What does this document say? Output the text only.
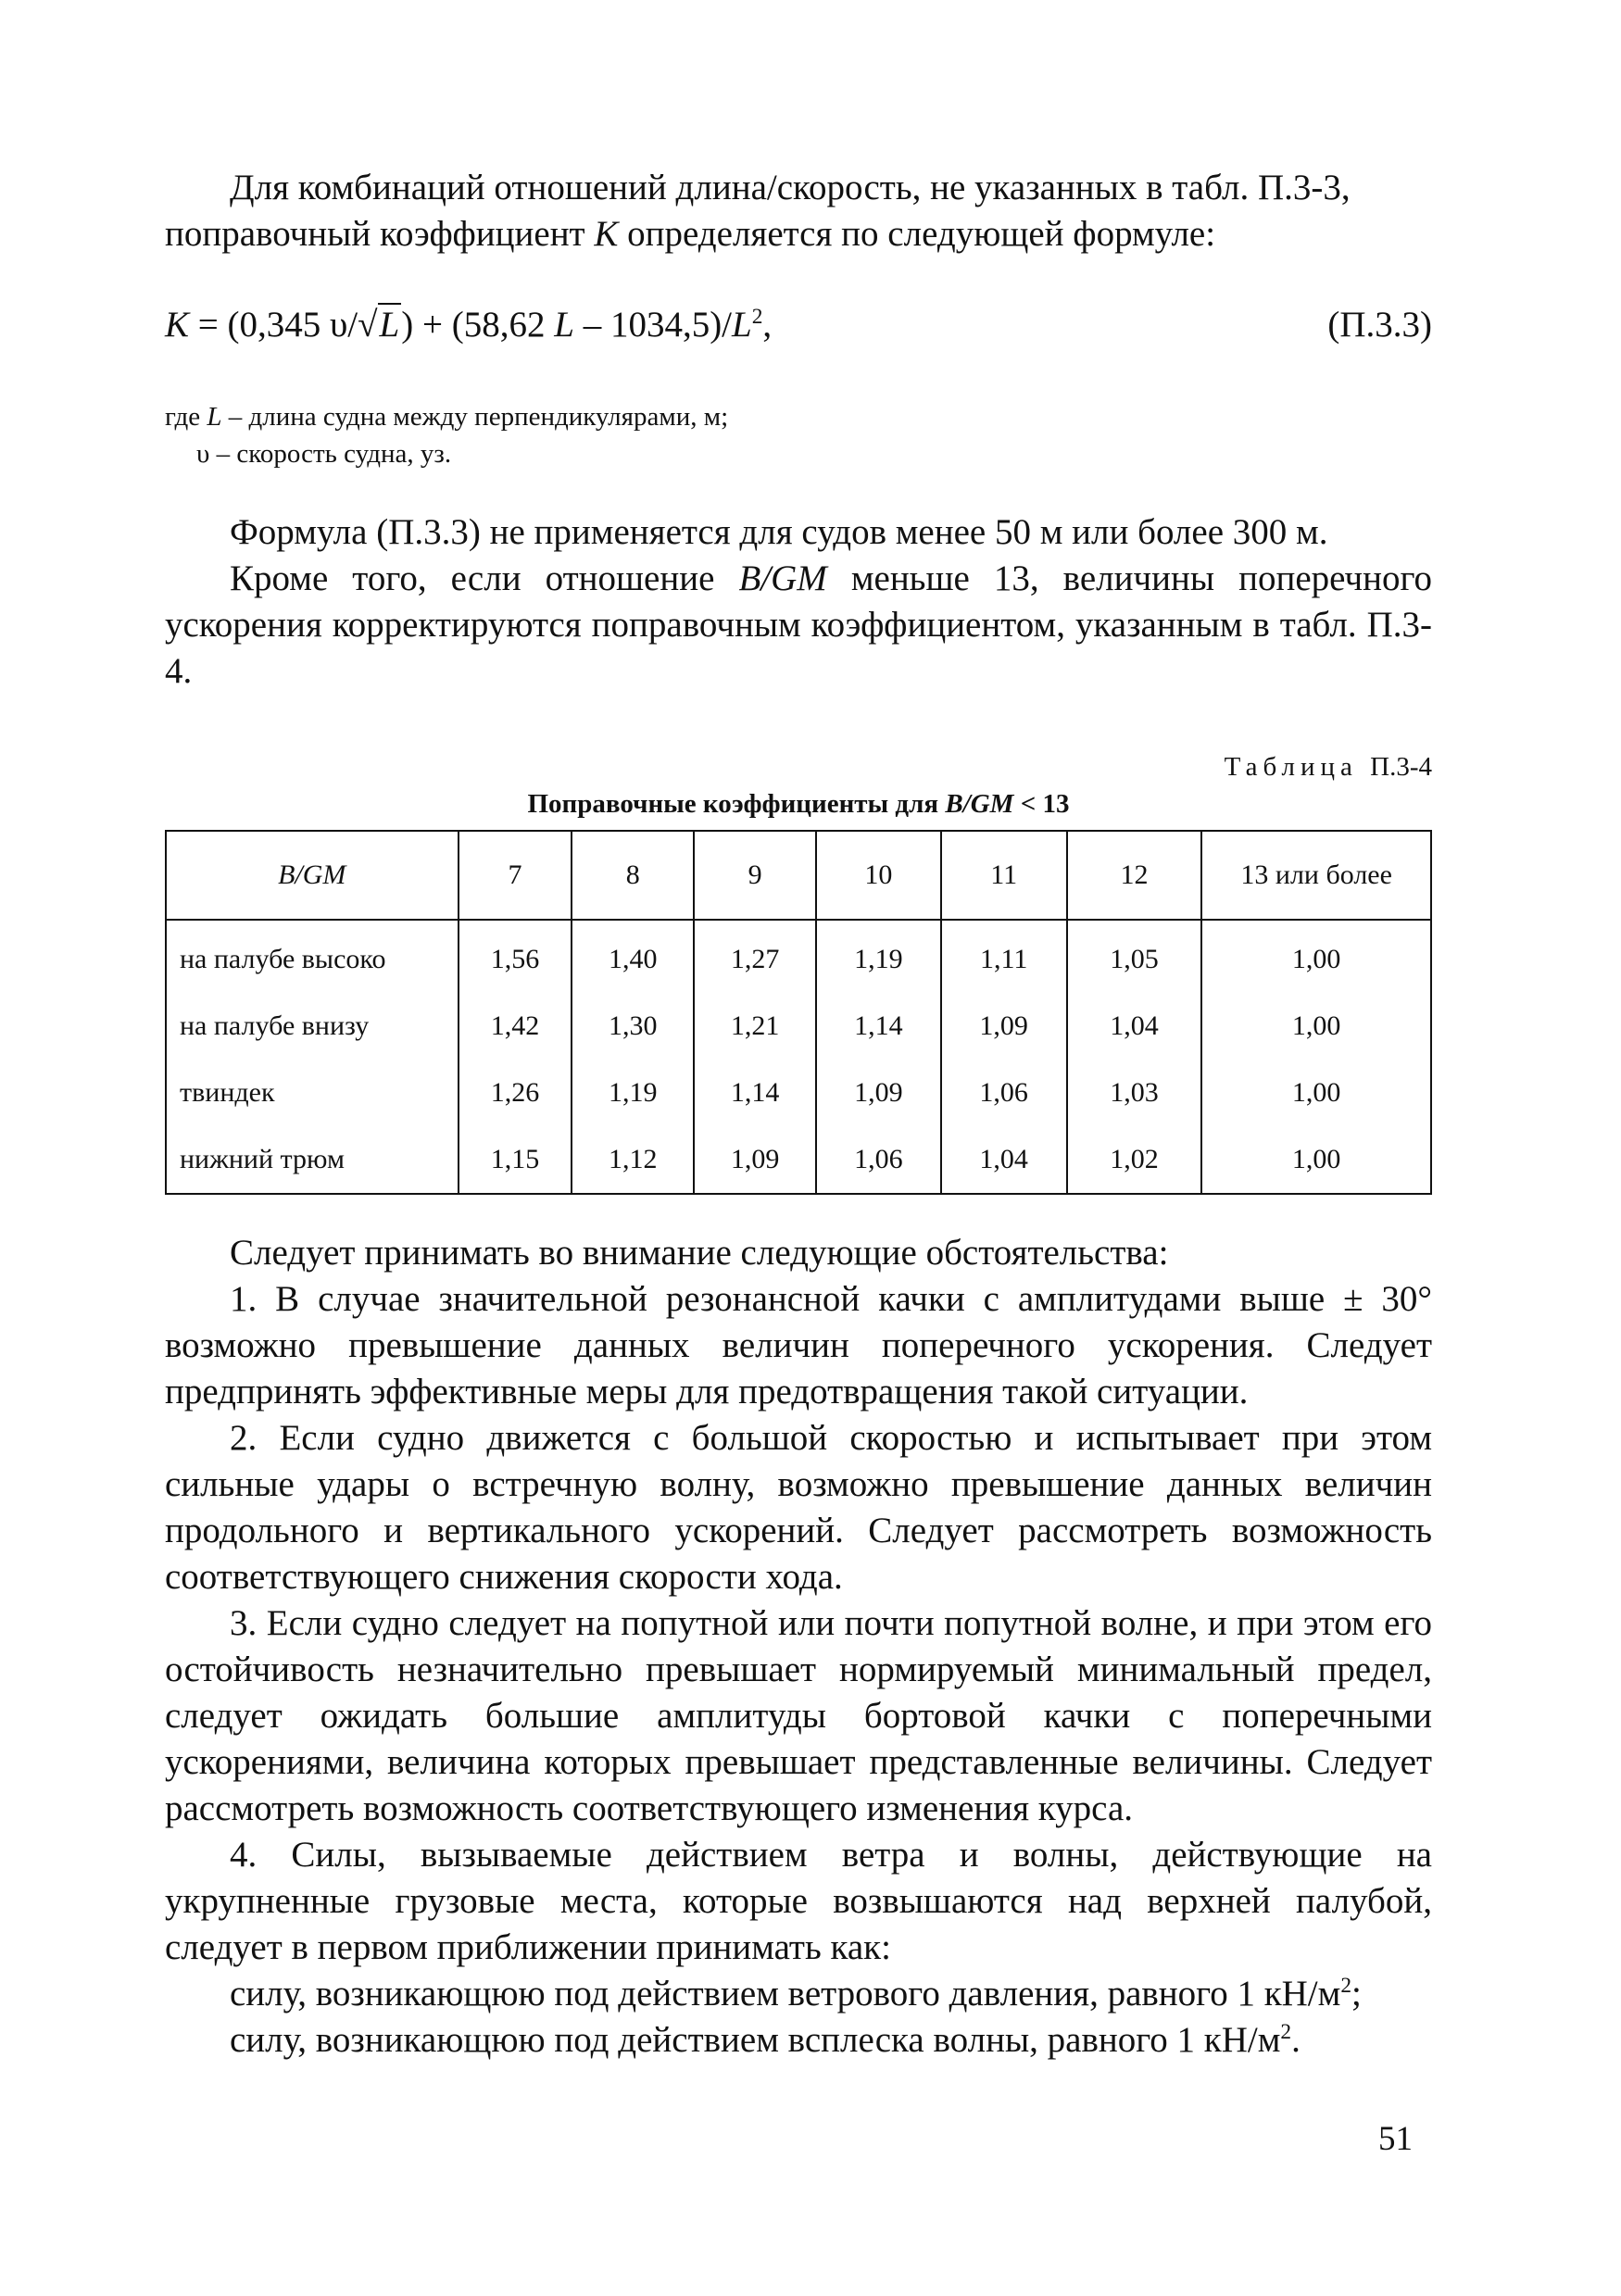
Для комбинаций отношений длина/скорость, не указанных в табл. П.3-3,

поправочный коэффициент K определяется по следующей формуле:

K = (0,345 υ/√L) + (58,62 L – $1034,5)/L^2$,	(П.3.3)

где L – длина судна между перпендикулярами, м;

υ – скорость судна, уз.

Формула (П.3.3) не применяется для судов менее 50 м или более 300 м.

Кроме того, если отношение B/GM меньше 13, величины поперечного ускорения корректируются поправочным коэффициентом, указанным в табл. П.3-4.

Таблица П.3-4
Поправочные коэффициенты для B/GM < 13
B/GM	7	8	9	10	11	12	13 или более
на палубе высоко	1,56	1,40	1,27	1,19	1,11	1,05	1,00
на палубе внизу	1,42	1,30	1,21	1,14	1,09	1,04	1,00
твиндек	1,26	1,19	1,14	1,09	1,06	1,03	1,00
нижний трюм	1,15	1,12	1,09	1,06	1,04	1,02	1,00

Следует принимать во внимание следующие обстоятельства:

1. В случае значительной резонансной качки с амплитудами выше ± 30° возможно превышение данных величин поперечного ускорения. Следует предпринять эффективные меры для предотвращения такой ситуации.

2. Если судно движется с большой скоростью и испытывает при этом сильные удары о встречную волну, возможно превышение данных величин продольного и вертикального ускорений. Следует рассмотреть возможность соответствующего снижения скорости хода.

3. Если судно следует на попутной или почти попутной волне, и при этом его остойчивость незначительно превышает нормируемый минимальный предел, следует ожидать большие амплитуды бортовой качки с поперечными ускорениями, величина которых превышает представленные величины. Следует рассмотреть возможность соответствующего изменения курса.

4. Силы, вызываемые действием ветра и волны, действующие на укрупненные грузовые места, которые возвышаются над верхней палубой, следует в первом приближении принимать как:

силу, возникающюю под действием ветрового давления, равного 1 $кН/м^2$;

силу, возникающюю под действием всплеска волны, равного 1 $кН/м^2$.

51
